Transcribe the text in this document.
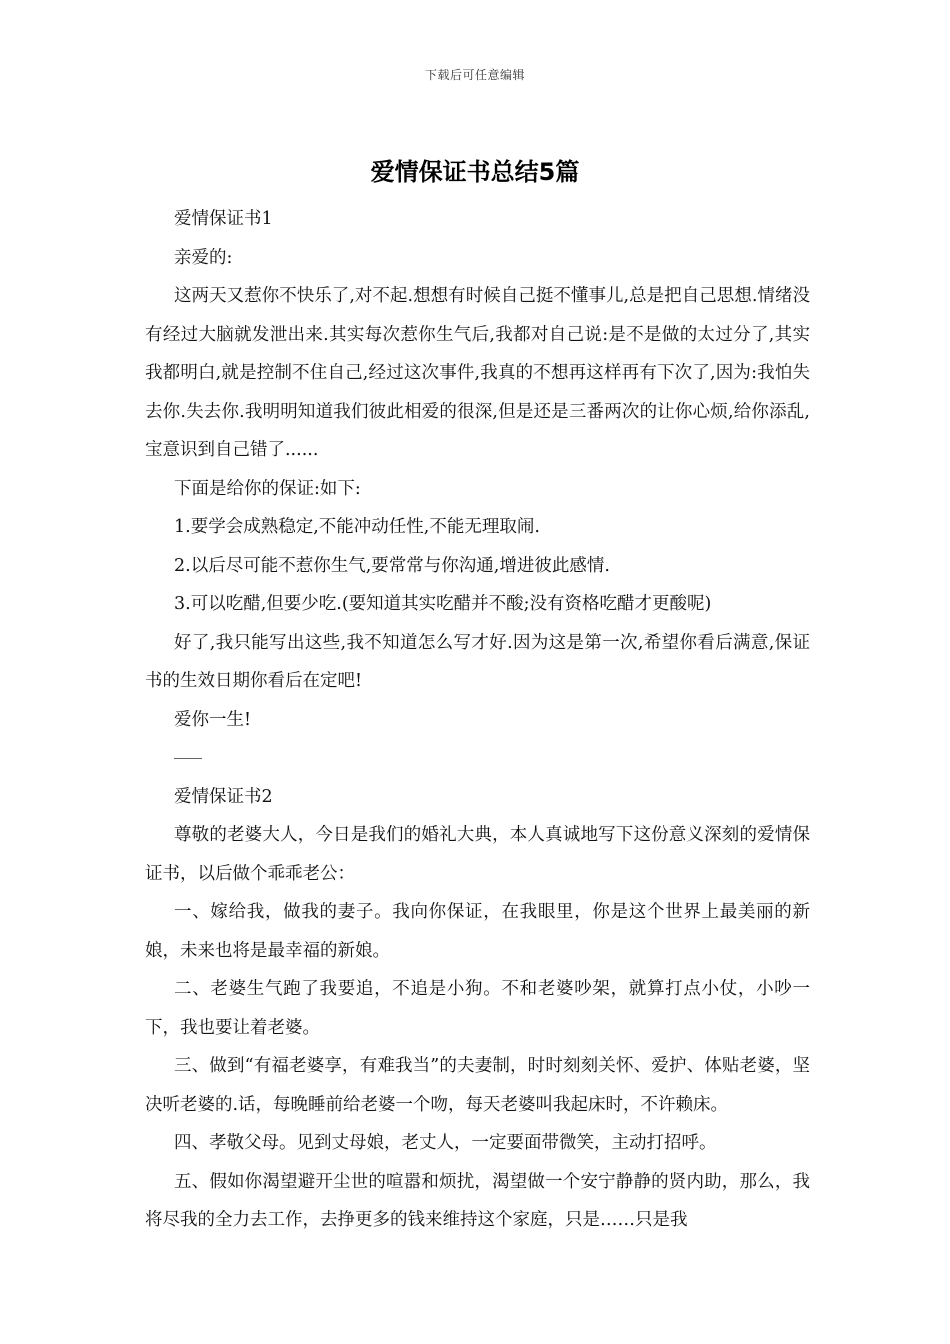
下载后可任意编辑
爱情保证书总结5篇

爱情保证书1

亲爱的:

这两天又惹你不快乐了,对不起.想想有时候自己挺不懂事儿,总是把自己思想.情绪没有经过大脑就发泄出来.其实每次惹你生气后,我都对自己说:是不是做的太过分了,其实我都明白,就是控制不住自己,经过这次事件,我真的不想再这样再有下次了,因为:我怕失去你.失去你.我明明知道我们彼此相爱的很深,但是还是三番两次的让你心烦,给你添乱,宝意识到自己错了......

下面是给你的保证:如下:

1.要学会成熟稳定,不能冲动任性,不能无理取闹.

2.以后尽可能不惹你生气,要常常与你沟通,增进彼此感情.

3.可以吃醋,但要少吃.(要知道其实吃醋并不酸;没有资格吃醋才更酸呢)

好了,我只能写出这些,我不知道怎么写才好.因为这是第一次,希望你看后满意,保证书的生效日期你看后在定吧!

爱你一生!

爱情保证书2

尊敬的老婆大人，今日是我们的婚礼大典，本人真诚地写下这份意义深刻的爱情保证书，以后做个乖乖老公：

一、嫁给我，做我的妻子。我向你保证，在我眼里，你是这个世界上最美丽的新娘，未来也将是最幸福的新娘。

二、老婆生气跑了我要追，不追是小狗。不和老婆吵架，就算打点小仗，小吵一下，我也要让着老婆。

三、做到“有福老婆享，有难我当”的夫妻制，时时刻刻关怀、爱护、体贴老婆，坚决听老婆的.话，每晚睡前给老婆一个吻，每天老婆叫我起床时，不许赖床。

四、孝敬父母。见到丈母娘，老丈人，一定要面带微笑，主动打招呼。

五、假如你渴望避开尘世的喧嚣和烦扰，渴望做一个安宁静静的贤内助，那么，我将尽我的全力去工作，去挣更多的钱来维持这个家庭，只是……只是我
